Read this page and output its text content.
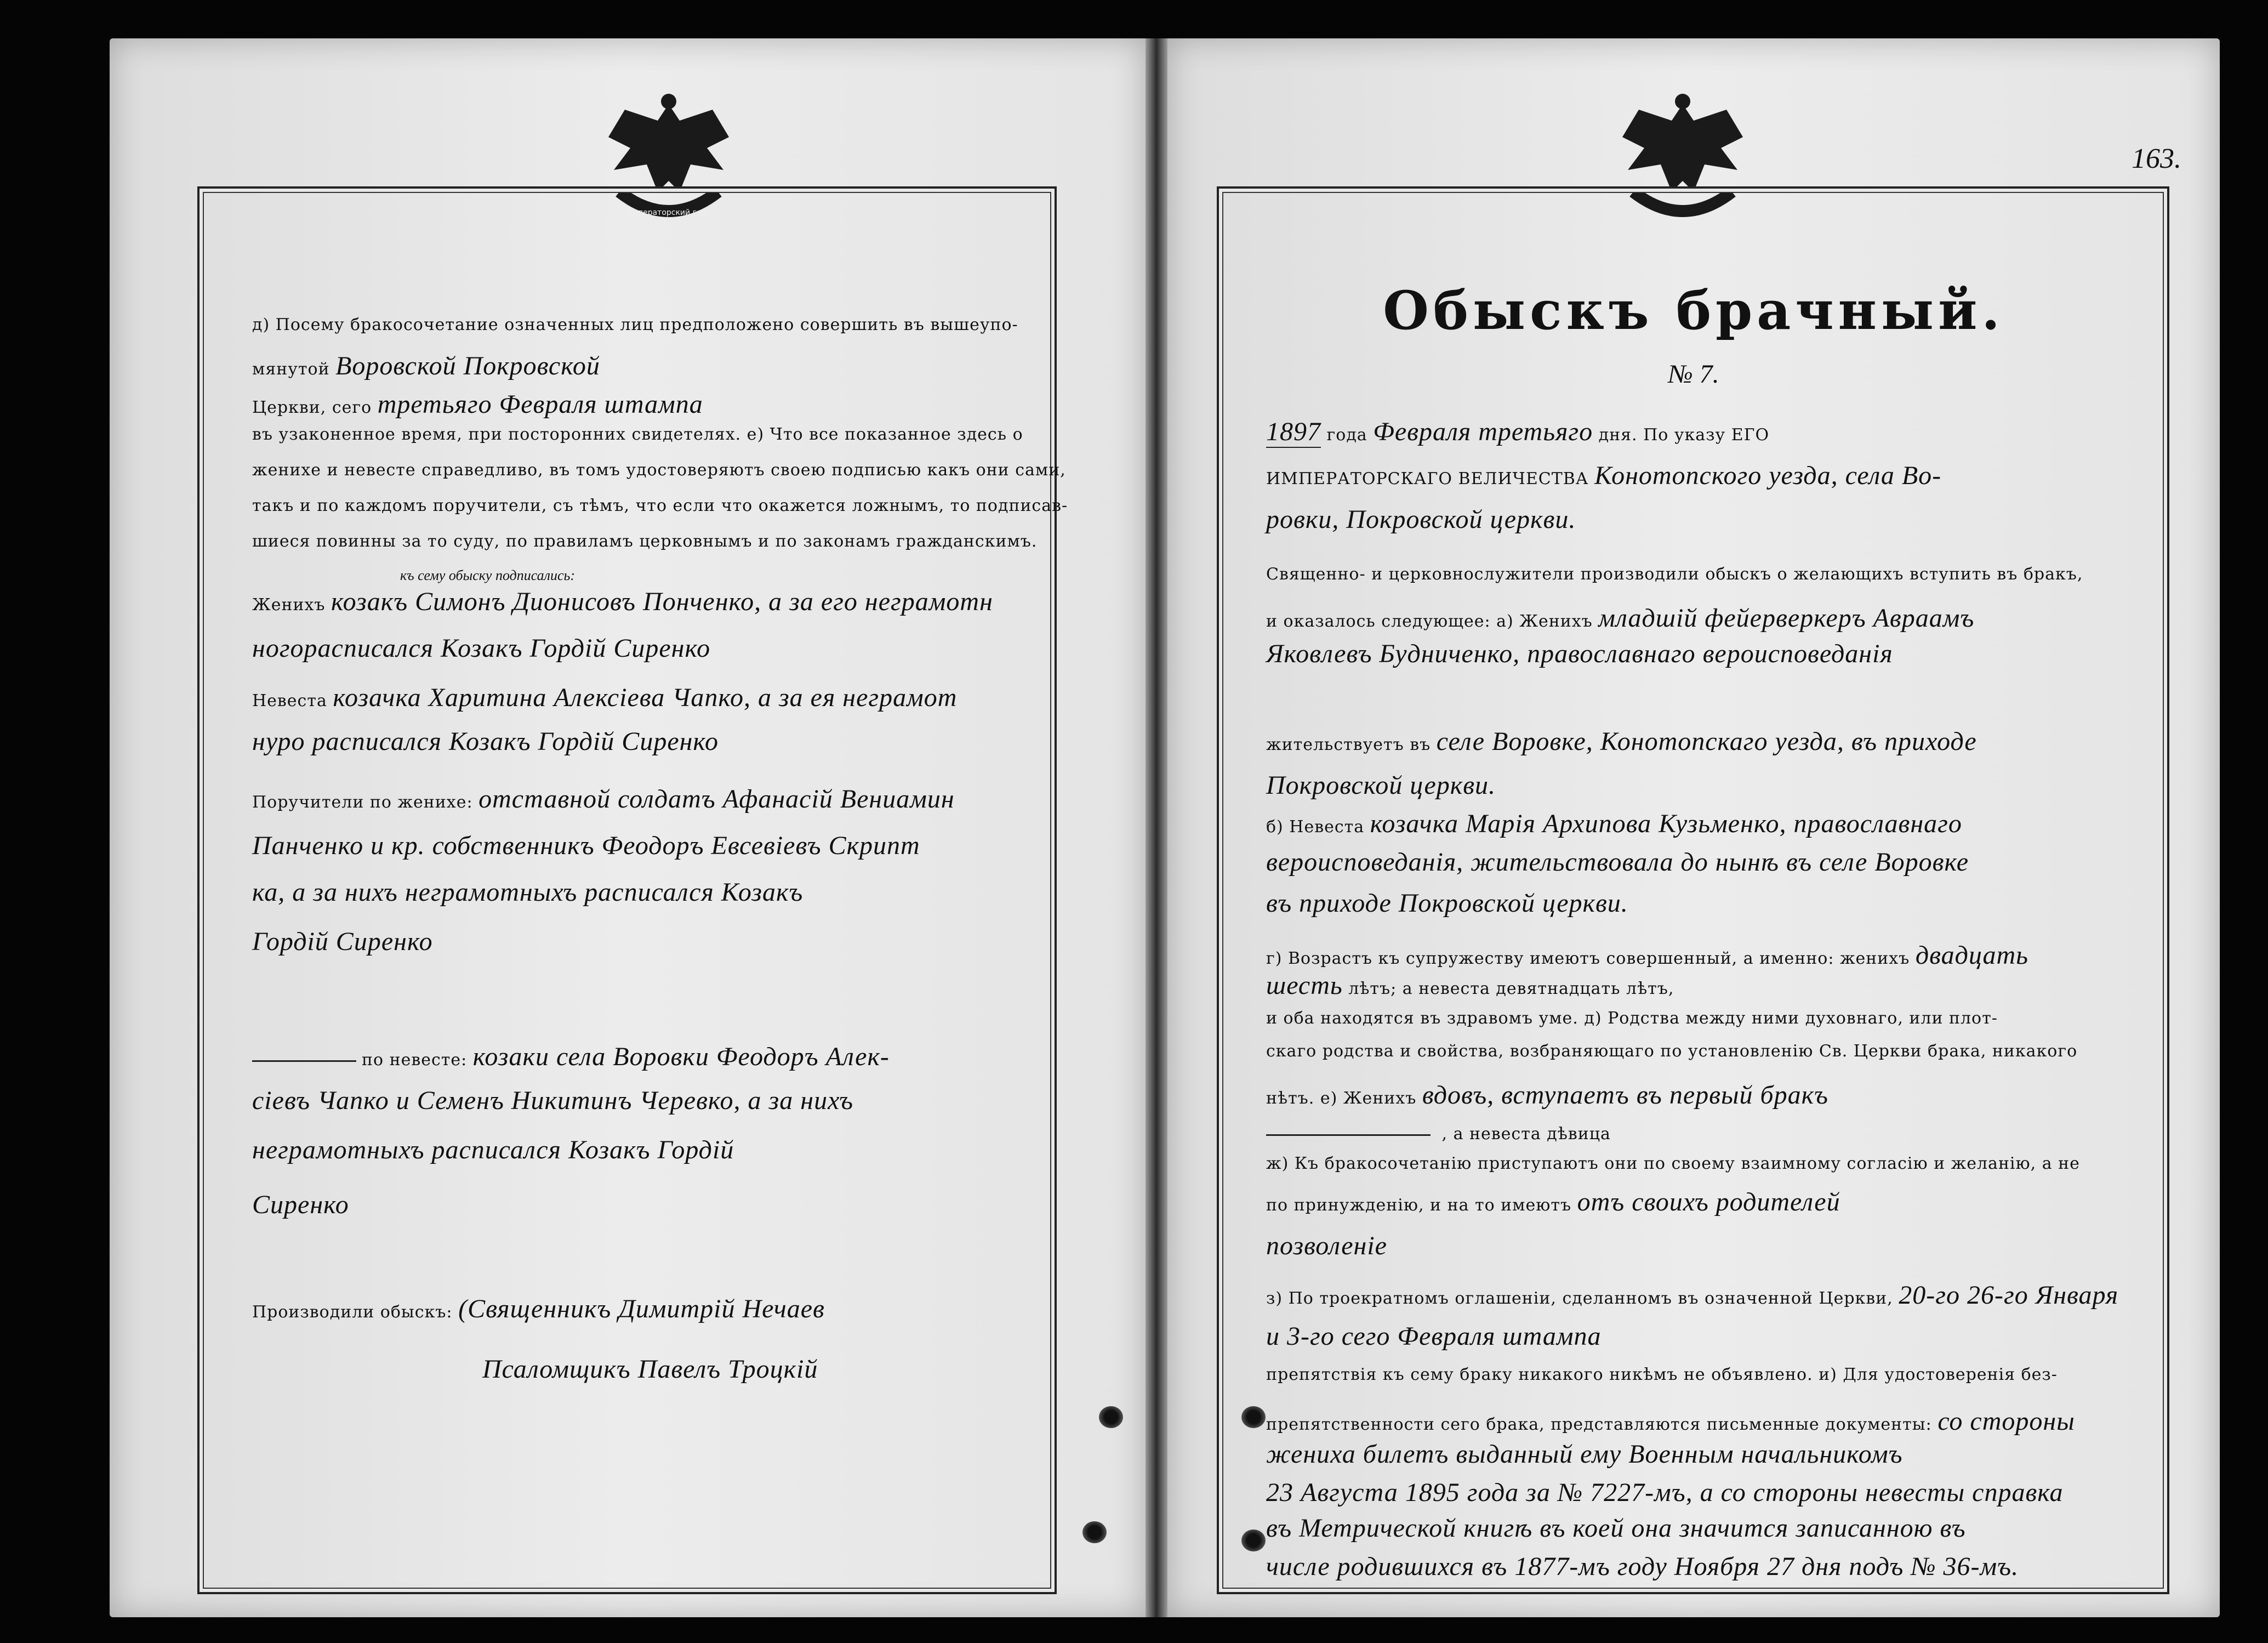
Императорский герб
д) Посему бракосочетание означенных лиц предположено совершить въ вышеупо-
мянутой Воровской Покровской
Церкви, сего третьяго Февраля штампа
въ узаконенное время, при посторонних свидетелях. е) Что все показанное здесь о
женихе и невесте справедливо, въ томъ удостоверяютъ своею подписью какъ они сами,
такъ и по каждомъ поручители, съ тѣмъ, что если что окажется ложнымъ, то подписав-
шиеся повинны за то суду, по правиламъ церковнымъ и по законамъ гражданскимъ.
Женихъ козакъ Симонъ Дионисовъ Понченко, а за его неграмотн
ногорасписался Козакъ Гордiй Сиренко
Невеста козачка Харитина Алексiева Чапко, а за ея неграмот
нуро расписался Козакъ Гордiй Сиренко
Поручители по женихе: отставной солдатъ Афанасiй Вениамин
Панченко и кр. собственникъ Феодоръ Евсевiевъ Скрипт
ка, а за нихъ неграмотныхъ расписался Козакъ
Гордiй Сиренко
по невесте: козаки села Воровки Феодоръ Алек-
сiевъ Чапко и Семенъ Никитинъ Черевко, а за нихъ
неграмотныхъ расписался Козакъ Гордiй
Сиренко
Производили обыскъ: (Священникъ Димитрiй Нечаев
Псаломщикъ Павелъ Троцкiй
къ сему обыску подписались:
163.
Обыскъ брачный.
№ 7.
1897 года Февраля третьяго дня. По указу ЕГО
ИМПЕРАТОРСКАГО ВЕЛИЧЕСТВА Конотопского уезда, села Во-
ровки, Покровской церкви.
Священно- и церковнослужители производили обыскъ о желающихъ вступить въ бракъ,
и оказалось следующее: а) Женихъ младшiй фейерверкеръ Авраамъ
Яковлевъ Будниченко, православнаго вероисповеданiя
жительствуетъ въ селе Воровке, Конотопскаго уезда, въ приходе
Покровской церкви.
б) Невеста козачка Марiя Архипова Кузьменко, православнаго
вероисповеданiя, жительствовала до нынѣ въ селе Воровке
въ приходе Покровской церкви.
г) Возрастъ къ супружеству имеютъ совершенный, а именно: женихъ двадцать
шесть лѣтъ; а невеста девятнадцать лѣтъ,
и оба находятся въ здравомъ уме. д) Родства между ними духовнаго, или плот-
скаго родства и свойства, возбраняющаго по установленiю Св. Церкви брака, никакого
нѣтъ. е) Женихъ вдовъ, вступаетъ въ первый бракъ
, а невеста дѣвица
ж) Къ бракосочетанiю приступаютъ они по своему взаимному согласiю и желанiю, а не
по принужденiю, и на то имеютъ отъ своихъ родителей
позволенiе
з) По троекратномъ оглашенiи, сделанномъ въ означенной Церкви, 20-го 26-го Января
и 3-го сего Февраля штампа
препятствiя къ сему браку никакого никѣмъ не объявлено. и) Для удостоверенiя без-
препятственности сего брака, представляются письменные документы: со стороны
жениха билетъ выданный ему Военным начальникомъ
23 Августа 1895 года за № 7227-мъ, а со стороны невесты справка
въ Метрической книгѣ въ коей она значится записанною въ
числе родившихся въ 1877-мъ году Ноября 27 дня подъ № 36-мъ.
